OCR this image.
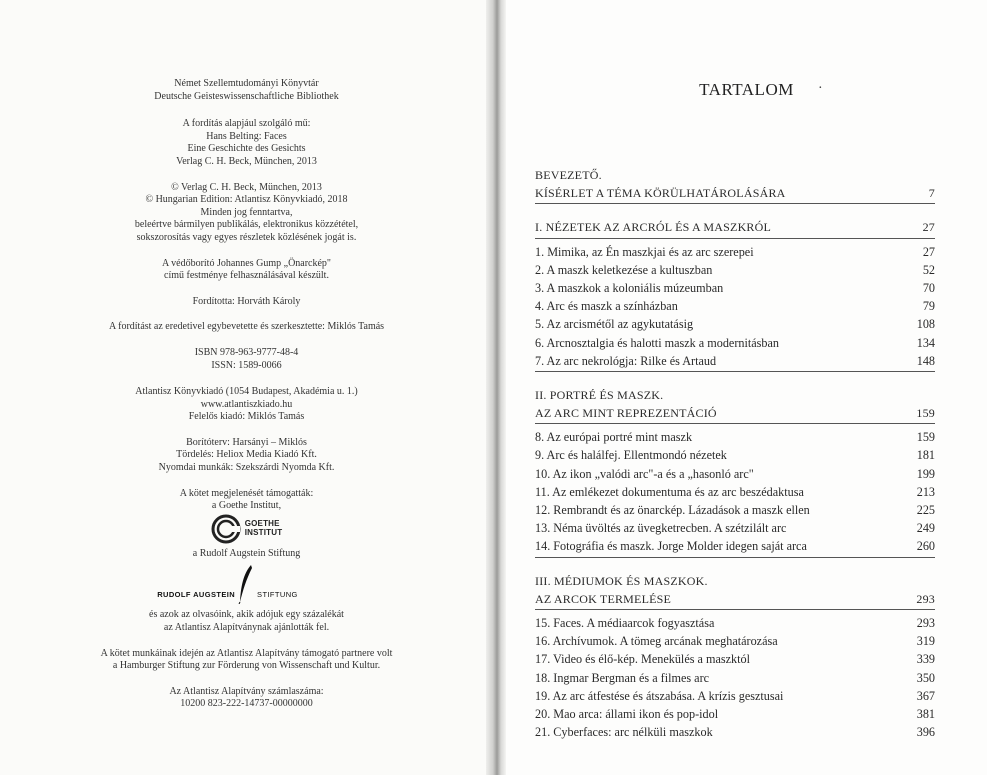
Német Szellemtudományi Könyvtár
Deutsche Geisteswissenschaftliche Bibliothek
A fordítás alapjául szolgáló mű:
Hans Belting: Faces
Eine Geschichte des Gesichts
Verlag C. H. Beck, München, 2013
© Verlag C. H. Beck, München, 2013
© Hungarian Edition: Atlantisz Könyvkiadó, 2018
Minden jog fenntartva,
beleértve bármilyen publikálás, elektronikus közzététel,
sokszorosítás vagy egyes részletek közlésének jogát is.
A védőborító Johannes Gump „Önarckép"
című festménye felhasználásával készült.
Fordította: Horváth Károly
A fordítást az eredetivel egybevetette és szerkesztette: Miklós Tamás
ISBN 978-963-9777-48-4
ISSN: 1589-0066
Atlantisz Könyvkiadó (1054 Budapest, Akadémia u. 1.)
www.atlantiszkiado.hu
Felelős kiadó: Miklós Tamás
Borítóterv: Harsányi – Miklós
Tördelés: Heliox Media Kiadó Kft.
Nyomdai munkák: Szekszárdi Nyomda Kft.
A kötet megjelenését támogatták:
a Goethe Institut,
GOETHE
INSTITUT
a Rudolf Augstein Stiftung
RUDOLF AUGSTEIN	STIFTUNG
és azok az olvasóink, akik adójuk egy százalékát
az Atlantisz Alapítványnak ajánlották fel.
A kötet munkáinak idején az Atlantisz Alapítvány támogató partnere volt
a Hamburger Stiftung zur Förderung von Wissenschaft und Kultur.
Az Atlantisz Alapítvány számlaszáma:
10200 823-222-14737-00000000
TARTALOM	·
BEVEZETŐ.
KÍSÉRLET A TÉMA KÖRÜLHATÁROLÁSÁRA	7
I. NÉZETEK AZ ARCRÓL ÉS A MASZKRÓL	27
1. Mimika, az Én maszkjai és az arc szerepei	27
2. A maszk keletkezése a kultuszban	52
3. A maszkok a koloniális múzeumban	70
4. Arc és maszk a színházban	79
5. Az arcismétől az agykutatásig	108
6. Arcnosztalgia és halotti maszk a modernitásban	134
7. Az arc nekrológja: Rilke és Artaud	148
II. PORTRÉ ÉS MASZK.
AZ ARC MINT REPREZENTÁCIÓ	159
8. Az európai portré mint maszk	159
9. Arc és halálfej. Ellentmondó nézetek	181
10. Az ikon „valódi arc"-a és a „hasonló arc"	199
11. Az emlékezet dokumentuma és az arc beszédaktusa	213
12. Rembrandt és az önarckép. Lázadások a maszk ellen	225
13. Néma üvöltés az üvegketrecben. A szétzilált arc	249
14. Fotográfia és maszk. Jorge Molder idegen saját arca	260
III. MÉDIUMOK ÉS MASZKOK.
AZ ARCOK TERMELÉSE	293
15. Faces. A médiaarcok fogyasztása	293
16. Archívumok. A tömeg arcának meghatározása	319
17. Video és élő-kép. Menekülés a maszktól	339
18. Ingmar Bergman és a filmes arc	350
19. Az arc átfestése és átszabása. A krízis gesztusai	367
20. Mao arca: állami ikon és pop-idol	381
21. Cyberfaces: arc nélküli maszkok	396
